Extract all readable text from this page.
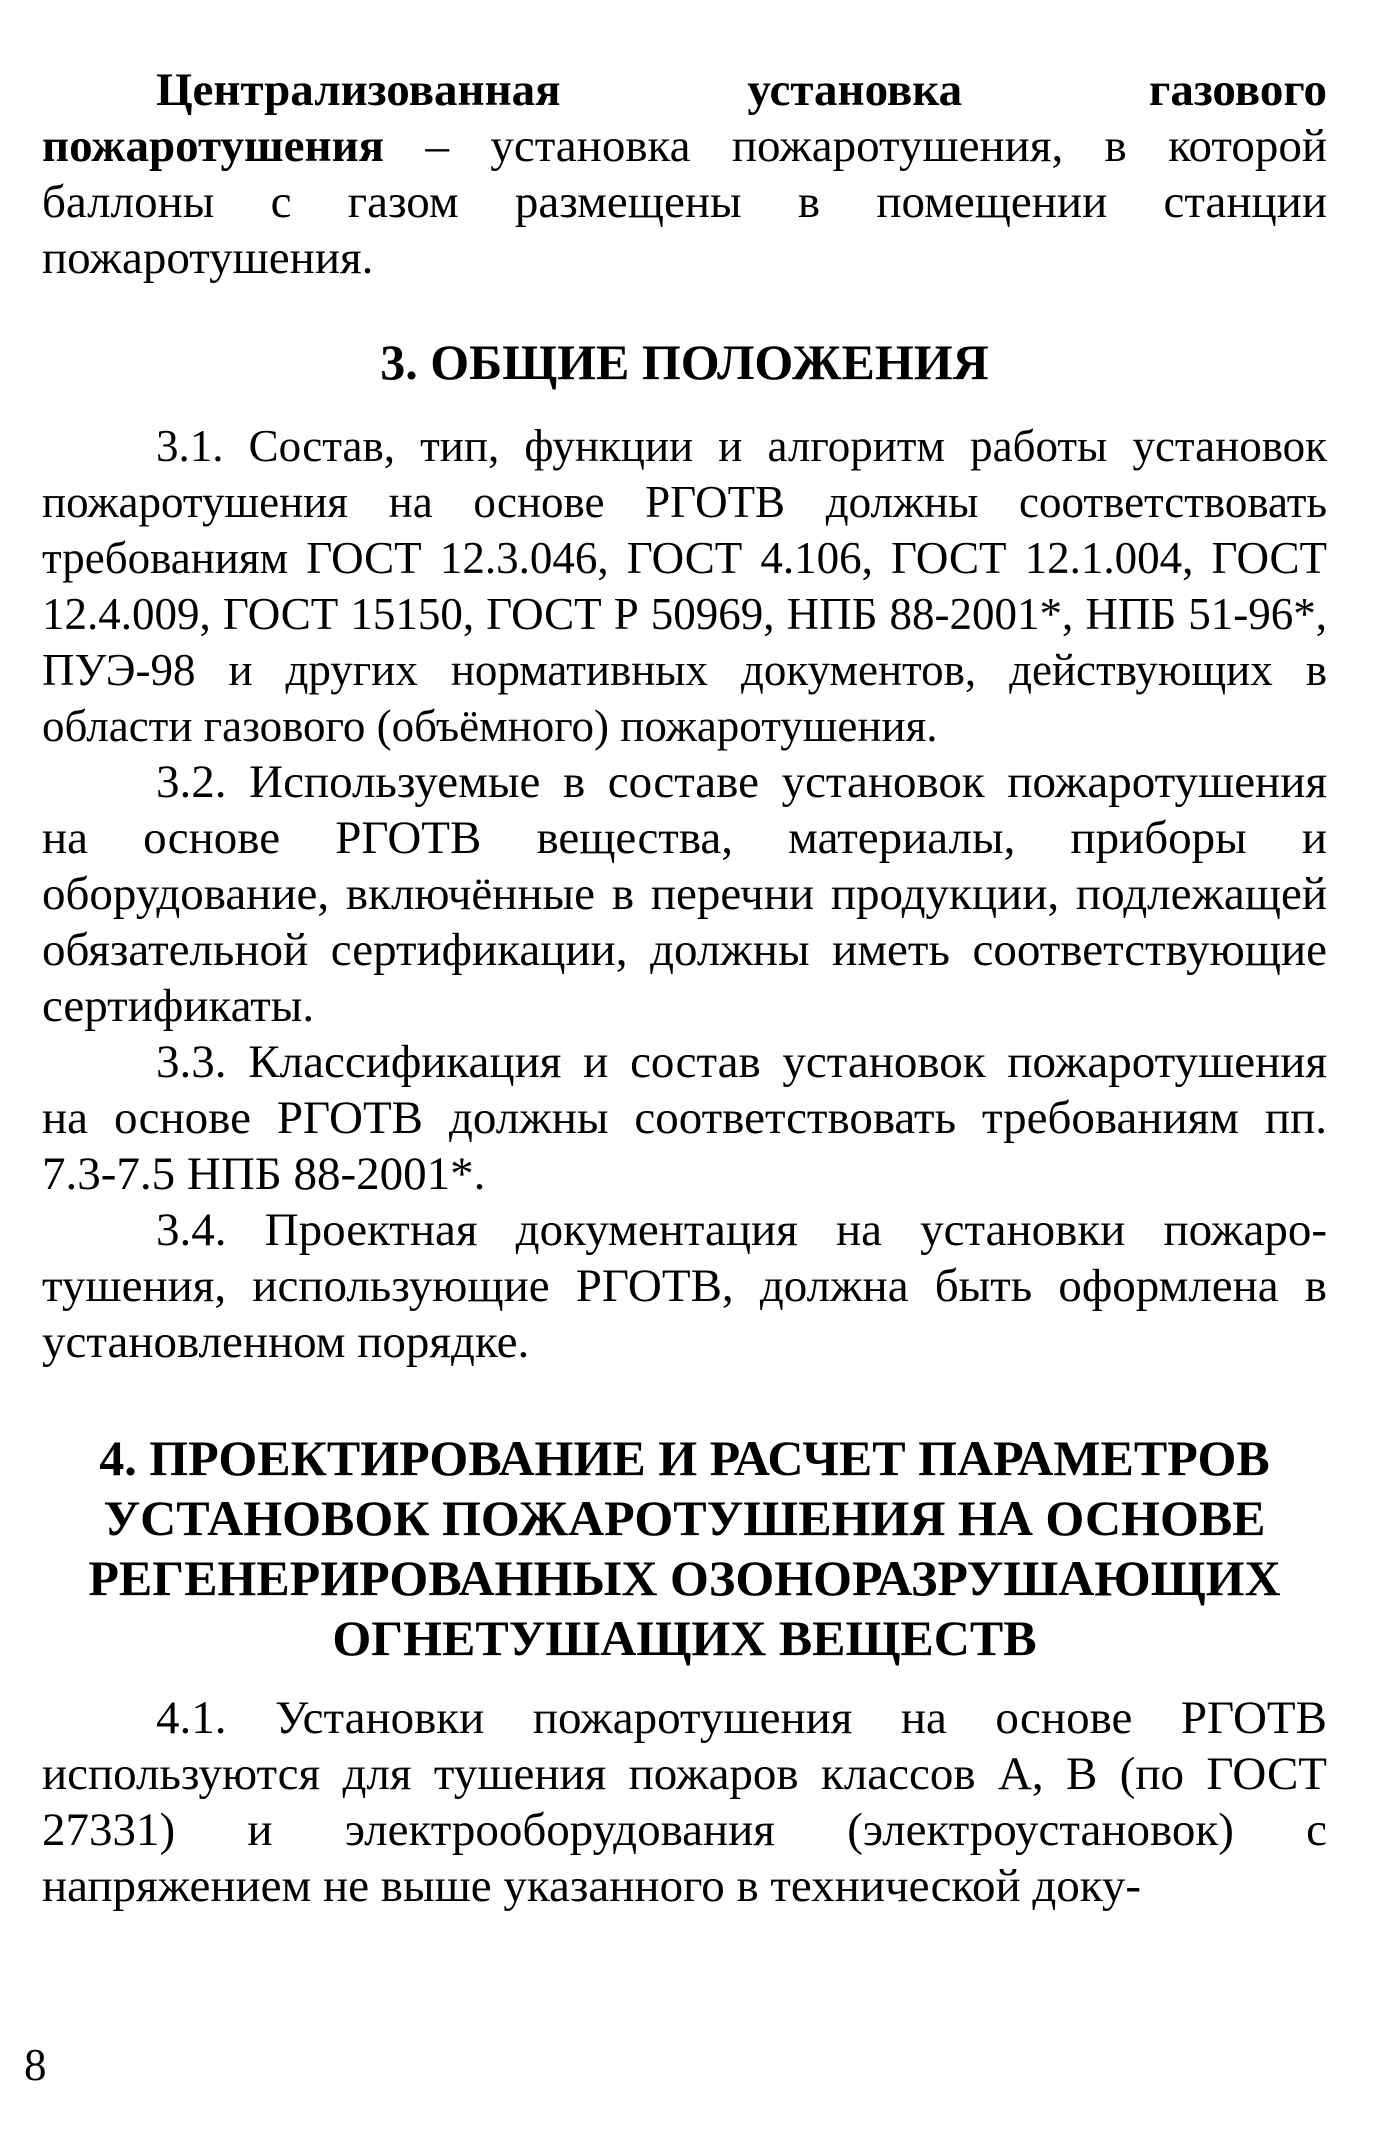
Централизованная установка газового пожаротушения – установка пожаротушения, в которой баллоны с газом размещены в помещении станции пожаротушения.

3. ОБЩИЕ ПОЛОЖЕНИЯ

3.1. Состав, тип, функции и алгоритм работы установок пожаротушения на основе РГОТВ должны соответствовать требованиям ГОСТ 12.3.046, ГОСТ 4.106, ГОСТ 12.1.004, ГОСТ 12.4.009, ГОСТ 15150, ГОСТ Р 50969, НПБ 88-2001*, НПБ 51-96*, ПУЭ-98 и других нормативных документов, действующих в области газового (объёмного) пожаротушения.

3.2. Используемые в составе установок пожаротушения на основе РГОТВ вещества, материалы, приборы и оборудование, включённые в перечни продукции, подлежащей обязательной сертификации, должны иметь соответствующие сертификаты.

3.3. Классификация и состав установок пожаротушения на основе РГОТВ должны соответствовать требованиям пп. 7.3-7.5 НПБ 88-2001*.

3.4. Проектная документация на установки пожаротушения, использующие РГОТВ, должна быть оформлена в установленном порядке.

4. ПРОЕКТИРОВАНИЕ И РАСЧЕТ ПАРАМЕТРОВ
УСТАНОВОК ПОЖАРОТУШЕНИЯ НА ОСНОВЕ
РЕГЕНЕРИРОВАННЫХ ОЗОНОРАЗРУШАЮЩИХ
ОГНЕТУШАЩИХ ВЕЩЕСТВ

4.1. Установки пожаротушения на основе РГОТВ используются для тушения пожаров классов А, В (по ГОСТ 27331) и электрооборудования (электроустановок) с напряжением не выше указанного в технической доку-

8
